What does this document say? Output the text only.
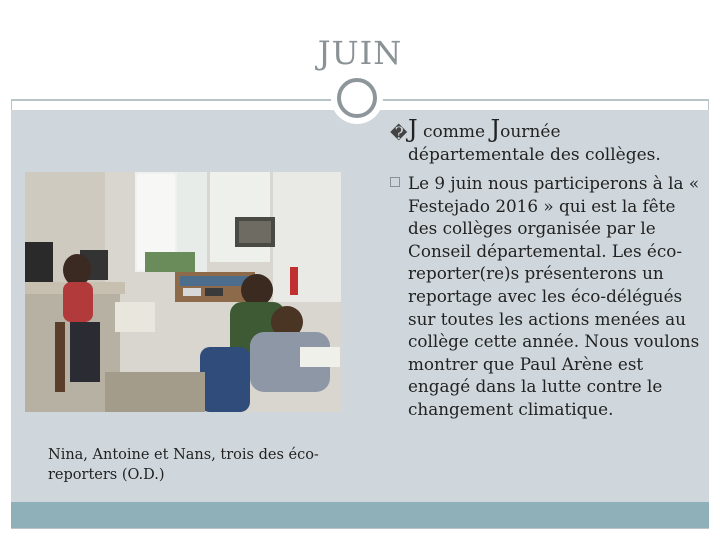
JUIN
Nina, Antoine et Nans, trois des éco-reporters (O.D.)
�J comme Journée
départementale des collèges.
Le 9 juin nous participerons à la « Festejado 2016 » qui est la fête des collèges organisée par le Conseil départemental. Les éco-reporter(re)s présenterons un reportage avec les éco-délégués sur toutes les actions menées au collège cette année. Nous voulons montrer que Paul Arène est engagé dans la lutte contre le changement climatique.
